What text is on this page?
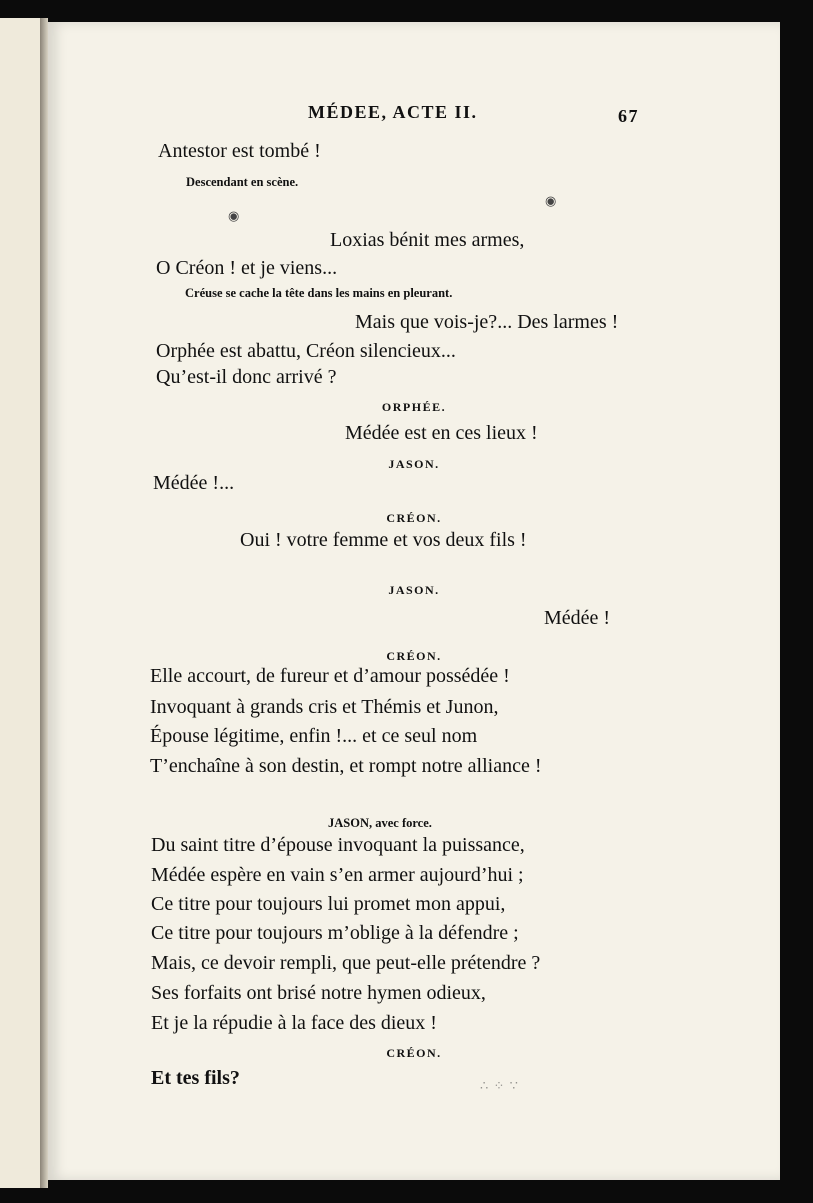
MÉDEE, ACTE II.	67
Antestor est tombé !
Descendant en scène.
◉
◉
Loxias bénit mes armes,
O Créon ! et je viens...
Créuse se cache la tête dans les mains en pleurant.
Mais que vois-je?... Des larmes !
Orphée est abattu, Créon silencieux...
Qu’est-il donc arrivé ?
ORPHÉE.
Médée est en ces lieux !
JASON.
Médée !...
CRÉON.
Oui ! votre femme et vos deux fils !
JASON.
Médée !
CRÉON.
Elle accourt, de fureur et d’amour possédée !
Invoquant à grands cris et Thémis et Junon,
Épouse légitime, enfin !... et ce seul nom
T’enchaîne à son destin, et rompt notre alliance !
JASON, avec force.
Du saint titre d’épouse invoquant la puissance,
Médée espère en vain s’en armer aujourd’hui ;
Ce titre pour toujours lui promet mon appui,
Ce titre pour toujours m’oblige à la défendre ;
Mais, ce devoir rempli, que peut-elle prétendre ?
Ses forfaits ont brisé notre hymen odieux,
Et je la répudie à la face des dieux !
CRÉON.
Et tes fils?	∴ ⁘ ∵
